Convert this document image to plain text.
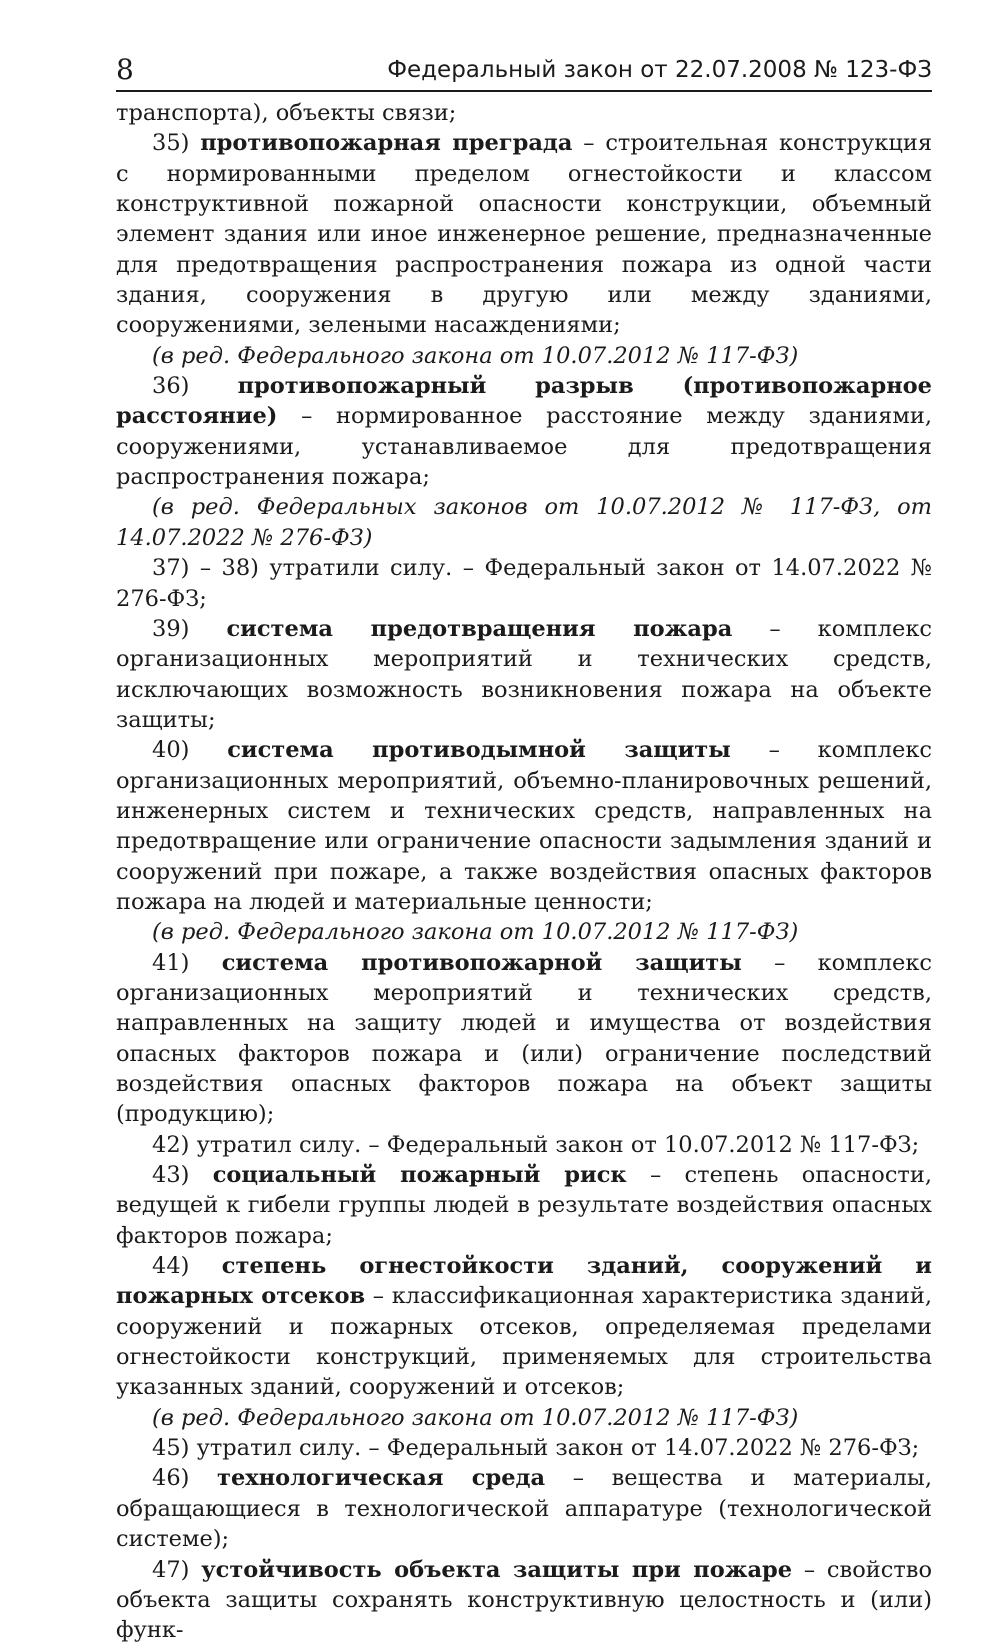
8	Федеральный закон от 22.07.2008 № 123-ФЗ

транспорта), объекты связи;

35) противопожарная преграда – строительная конструкция с нормированными пределом огнестойкости и классом конструктивной пожарной опасности конструкции, объемный элемент здания или иное инженерное решение, предназначенные для предотвращения распространения пожара из одной части здания, сооружения в другую или между зданиями, сооружениями, зелеными насаждениями;

(в ред. Федерального закона от 10.07.2012 № 117-ФЗ)

36) противопожарный разрыв (противопожарное расстояние) – нормированное расстояние между зданиями, сооружениями, устанавливаемое для предотвращения распространения пожара;

(в ред. Федеральных законов от 10.07.2012 № 117-ФЗ, от 14.07.2022 № 276-ФЗ)

37) – 38) утратили силу. – Федеральный закон от 14.07.2022 № 276-ФЗ;

39) система предотвращения пожара – комплекс организационных мероприятий и технических средств, исключающих возможность возникновения пожара на объекте защиты;

40) система противодымной защиты – комплекс организационных мероприятий, объемно-планировочных решений, инженерных систем и технических средств, направленных на предотвращение или ограничение опасности задымления зданий и сооружений при пожаре, а также воздействия опасных факторов пожара на людей и материальные ценности;

(в ред. Федерального закона от 10.07.2012 № 117-ФЗ)

41) система противопожарной защиты – комплекс организационных мероприятий и технических средств, направленных на защиту людей и имущества от воздействия опасных факторов пожара и (или) ограничение последствий воздействия опасных факторов пожара на объект защиты (продукцию);

42) утратил силу. – Федеральный закон от 10.07.2012 № 117-ФЗ;

43) социальный пожарный риск – степень опасности, ведущей к гибели группы людей в результате воздействия опасных факторов пожара;

44) степень огнестойкости зданий, сооружений и пожарных отсеков – классификационная характеристика зданий, сооружений и пожарных отсеков, определяемая пределами огнестойкости конструкций, применяемых для строительства указанных зданий, сооружений и отсеков;

(в ред. Федерального закона от 10.07.2012 № 117-ФЗ)

45) утратил силу. – Федеральный закон от 14.07.2022 № 276-ФЗ;

46) технологическая среда – вещества и материалы, обращающиеся в технологической аппаратуре (технологической системе);

47) устойчивость объекта защиты при пожаре – свойство объекта защиты сохранять конструктивную целостность и (или) функ-
